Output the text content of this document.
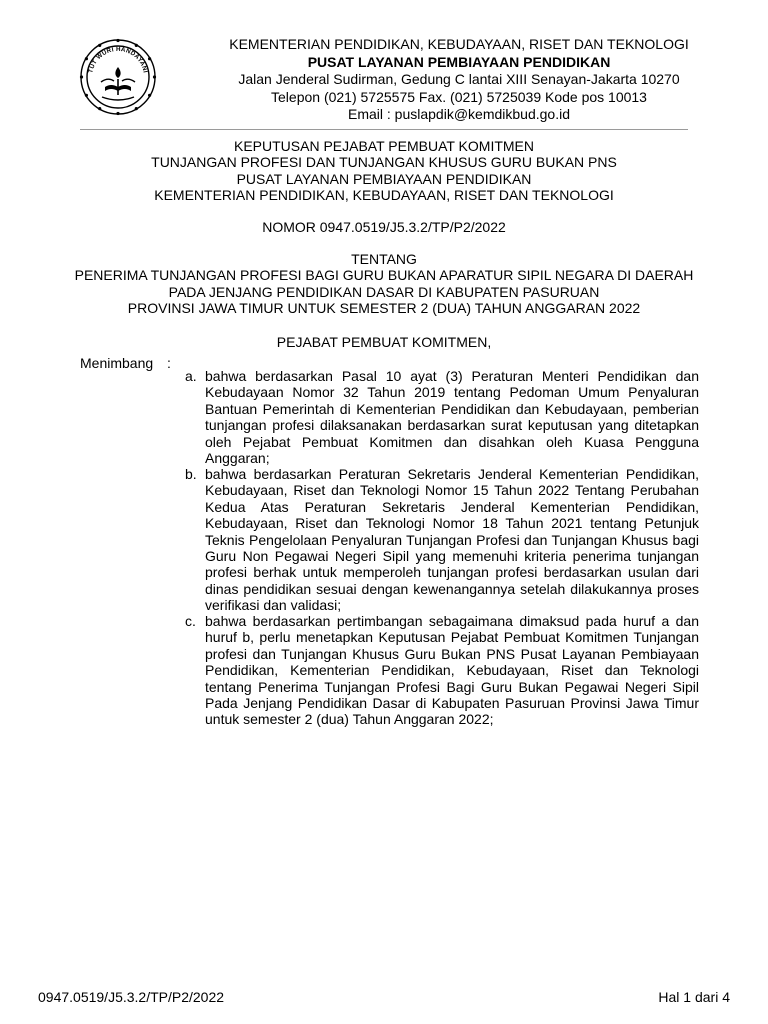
TUT WURI HANDAYANI
KEMENTERIAN PENDIDIKAN, KEBUDAYAAN, RISET DAN TEKNOLOGI
PUSAT LAYANAN PEMBIAYAAN PENDIDIKAN
Jalan Jenderal Sudirman, Gedung C lantai XIII Senayan-Jakarta 10270
Telepon (021) 5725575 Fax. (021) 5725039 Kode pos 10013
Email : puslapdik@kemdikbud.go.id
KEPUTUSAN PEJABAT PEMBUAT KOMITMEN
TUNJANGAN PROFESI DAN TUNJANGAN KHUSUS GURU BUKAN PNS
PUSAT LAYANAN PEMBIAYAAN PENDIDIKAN
KEMENTERIAN PENDIDIKAN, KEBUDAYAAN, RISET DAN TEKNOLOGI
NOMOR 0947.0519/J5.3.2/TP/P2/2022
TENTANG
PENERIMA TUNJANGAN PROFESI BAGI GURU BUKAN APARATUR SIPIL NEGARA DI DAERAH
PADA JENJANG PENDIDIKAN DASAR DI KABUPATEN PASURUAN
PROVINSI JAWA TIMUR UNTUK SEMESTER 2 (DUA) TAHUN ANGGARAN 2022
PEJABAT PEMBUAT KOMITMEN,
Menimbang :
a. bahwa berdasarkan Pasal 10 ayat (3) Peraturan Menteri Pendidikan dan Kebudayaan Nomor 32 Tahun 2019 tentang Pedoman Umum Penyaluran Bantuan Pemerintah di Kementerian Pendidikan dan Kebudayaan, pemberian tunjangan profesi dilaksanakan berdasarkan surat keputusan yang ditetapkan oleh Pejabat Pembuat Komitmen dan disahkan oleh Kuasa Pengguna Anggaran;
b. bahwa berdasarkan Peraturan Sekretaris Jenderal Kementerian Pendidikan, Kebudayaan, Riset dan Teknologi Nomor 15 Tahun 2022 Tentang Perubahan Kedua Atas Peraturan Sekretaris Jenderal Kementerian Pendidikan, Kebudayaan, Riset dan Teknologi Nomor 18 Tahun 2021 tentang Petunjuk Teknis Pengelolaan Penyaluran Tunjangan Profesi dan Tunjangan Khusus bagi Guru Non Pegawai Negeri Sipil yang memenuhi kriteria penerima tunjangan profesi berhak untuk memperoleh tunjangan profesi berdasarkan usulan dari dinas pendidikan sesuai dengan kewenangannya setelah dilakukannya proses verifikasi dan validasi;
c. bahwa berdasarkan pertimbangan sebagaimana dimaksud pada huruf a dan huruf b, perlu menetapkan Keputusan Pejabat Pembuat Komitmen Tunjangan profesi dan Tunjangan Khusus Guru Bukan PNS Pusat Layanan Pembiayaan Pendidikan, Kementerian Pendidikan, Kebudayaan, Riset dan Teknologi tentang Penerima Tunjangan Profesi Bagi Guru Bukan Pegawai Negeri Sipil Pada Jenjang Pendidikan Dasar di Kabupaten Pasuruan Provinsi Jawa Timur untuk semester 2 (dua) Tahun Anggaran 2022;
0947.0519/J5.3.2/TP/P2/2022	Hal 1 dari 4
